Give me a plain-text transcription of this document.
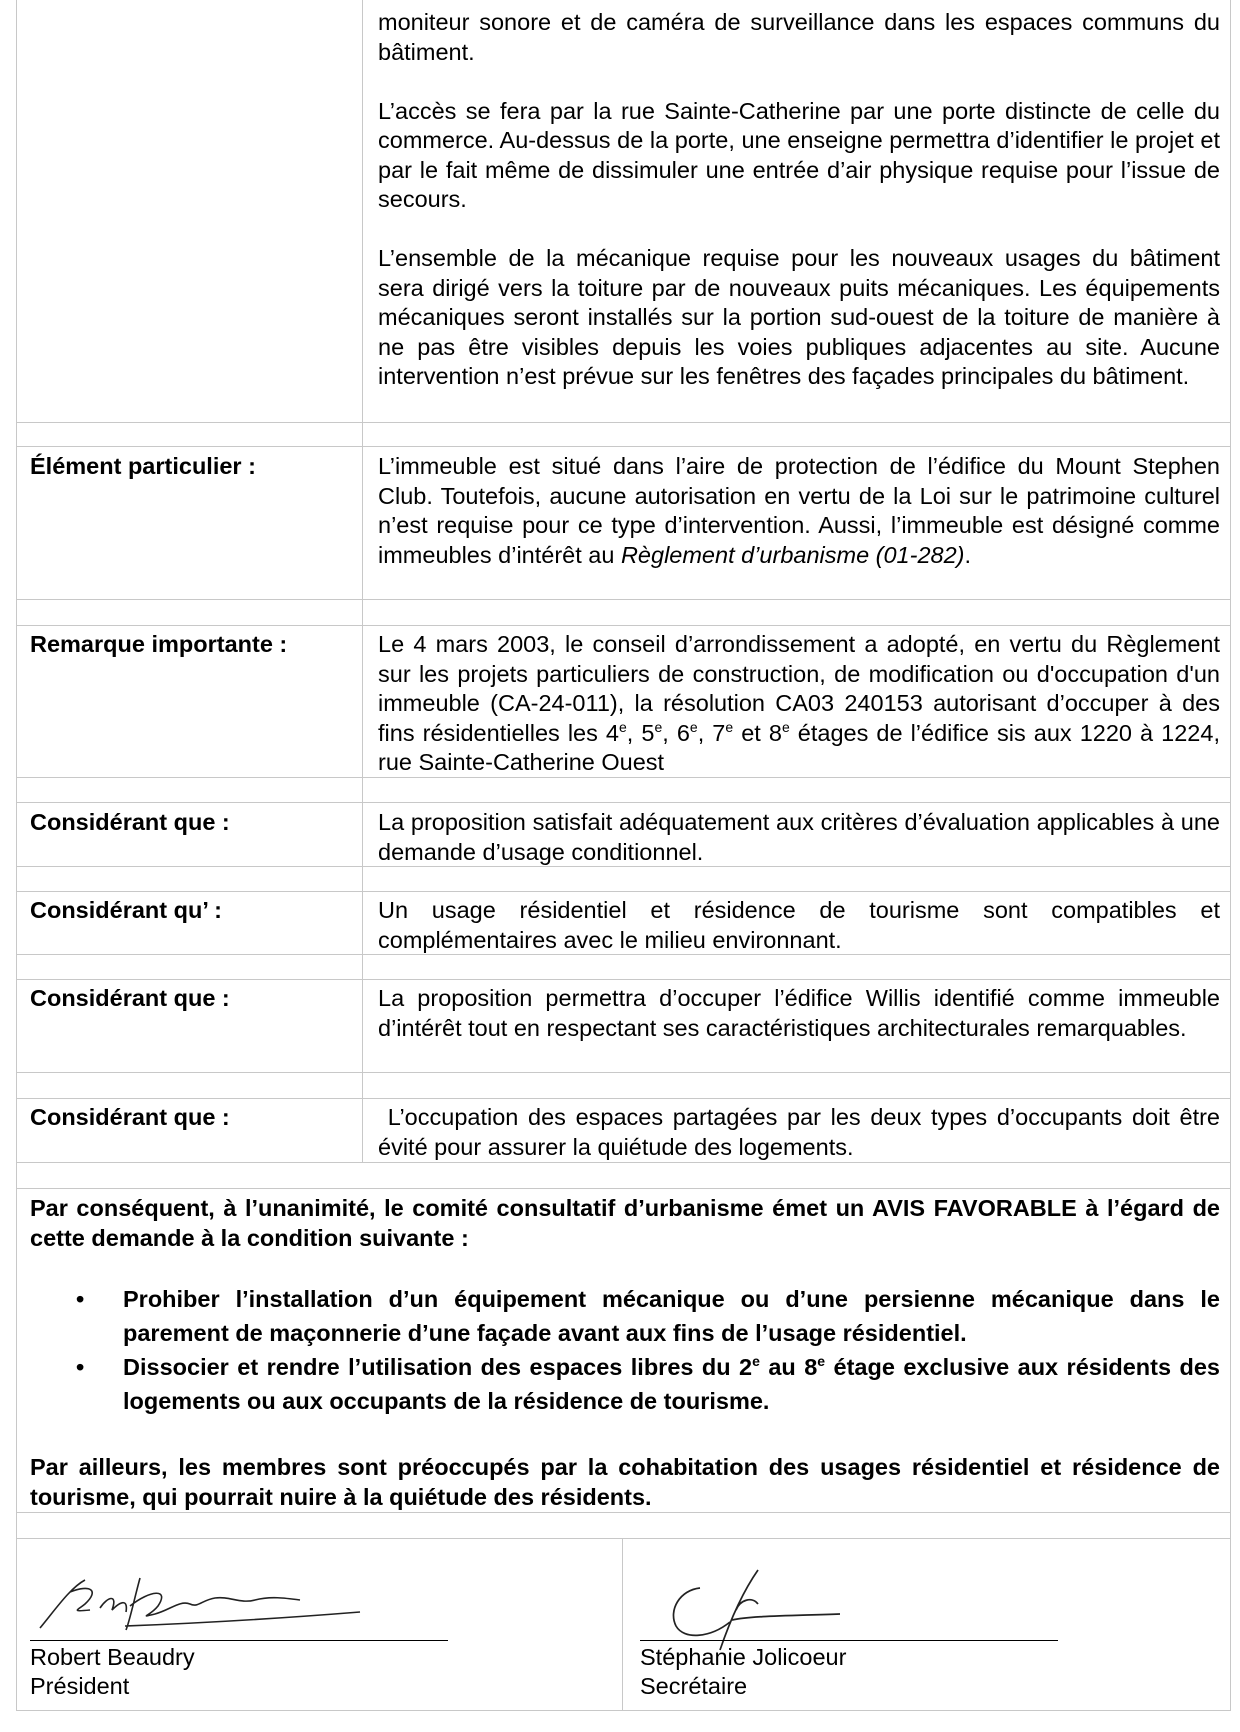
moniteur sonore et de caméra de surveillance dans les espaces communs du bâtiment.

L’accès se fera par la rue Sainte-Catherine par une porte distincte de celle du commerce. Au-dessus de la porte, une enseigne permettra d’identifier le projet et par le fait même de dissimuler une entrée d’air physique requise pour l’issue de secours.

L’ensemble de la mécanique requise pour les nouveaux usages du bâtiment sera dirigé vers la toiture par de nouveaux puits mécaniques. Les équipements mécaniques seront installés sur la portion sud-ouest de la toiture de manière à ne pas être visibles depuis les voies publiques adjacentes au site. Aucune intervention n’est prévue sur les fenêtres des façades principales du bâtiment.

Élément particulier :	L’immeuble est situé dans l’aire de protection de l’édifice du Mount Stephen Club. Toutefois, aucune autorisation en vertu de la Loi sur le patrimoine culturel n’est requise pour ce type d’intervention. Aussi, l’immeuble est désigné comme immeubles d’intérêt au Règlement d’urbanisme (01-282).
Remarque importante :	Le 4 mars 2003, le conseil d’arrondissement a adopté, en vertu du Règlement sur les projets particuliers de construction, de modification ou d'occupation d'un immeuble (CA-24-011), la résolution CA03 240153 autorisant d’occuper à des fins résidentielles les 4e, 5e, 6e, 7e et 8e étages de l’édifice sis aux 1220 à 1224, rue Sainte-Catherine Ouest
Considérant que :	La proposition satisfait adéquatement aux critères d’évaluation applicables à une demande d’usage conditionnel.
Considérant qu’ :	Un usage résidentiel et résidence de tourisme sont compatibles et complémentaires avec le milieu environnant.
Considérant que :	La proposition permettra d’occuper l’édifice Willis identifié comme immeuble d’intérêt tout en respectant ses caractéristiques architecturales remarquables.
Considérant que :	L’occupation des espaces partagées par les deux types d’occupants doit être évité pour assurer la quiétude des logements.
Par conséquent, à l’unanimité, le comité consultatif d’urbanisme émet un AVIS FAVORABLE à l’égard de cette demande à la condition suivante :
• Prohiber l’installation d’un équipement mécanique ou d’une persienne mécanique dans le parement de maçonnerie d’une façade avant aux fins de l’usage résidentiel.
• Dissocier et rendre l’utilisation des espaces libres du 2e au 8e étage exclusive aux résidents des logements ou aux occupants de la résidence de tourisme.
Par ailleurs, les membres sont préoccupés par la cohabitation des usages résidentiel et résidence de tourisme, qui pourrait nuire à la quiétude des résidents.
Robert Beaudry
Président
Stéphanie Jolicoeur
Secrétaire
